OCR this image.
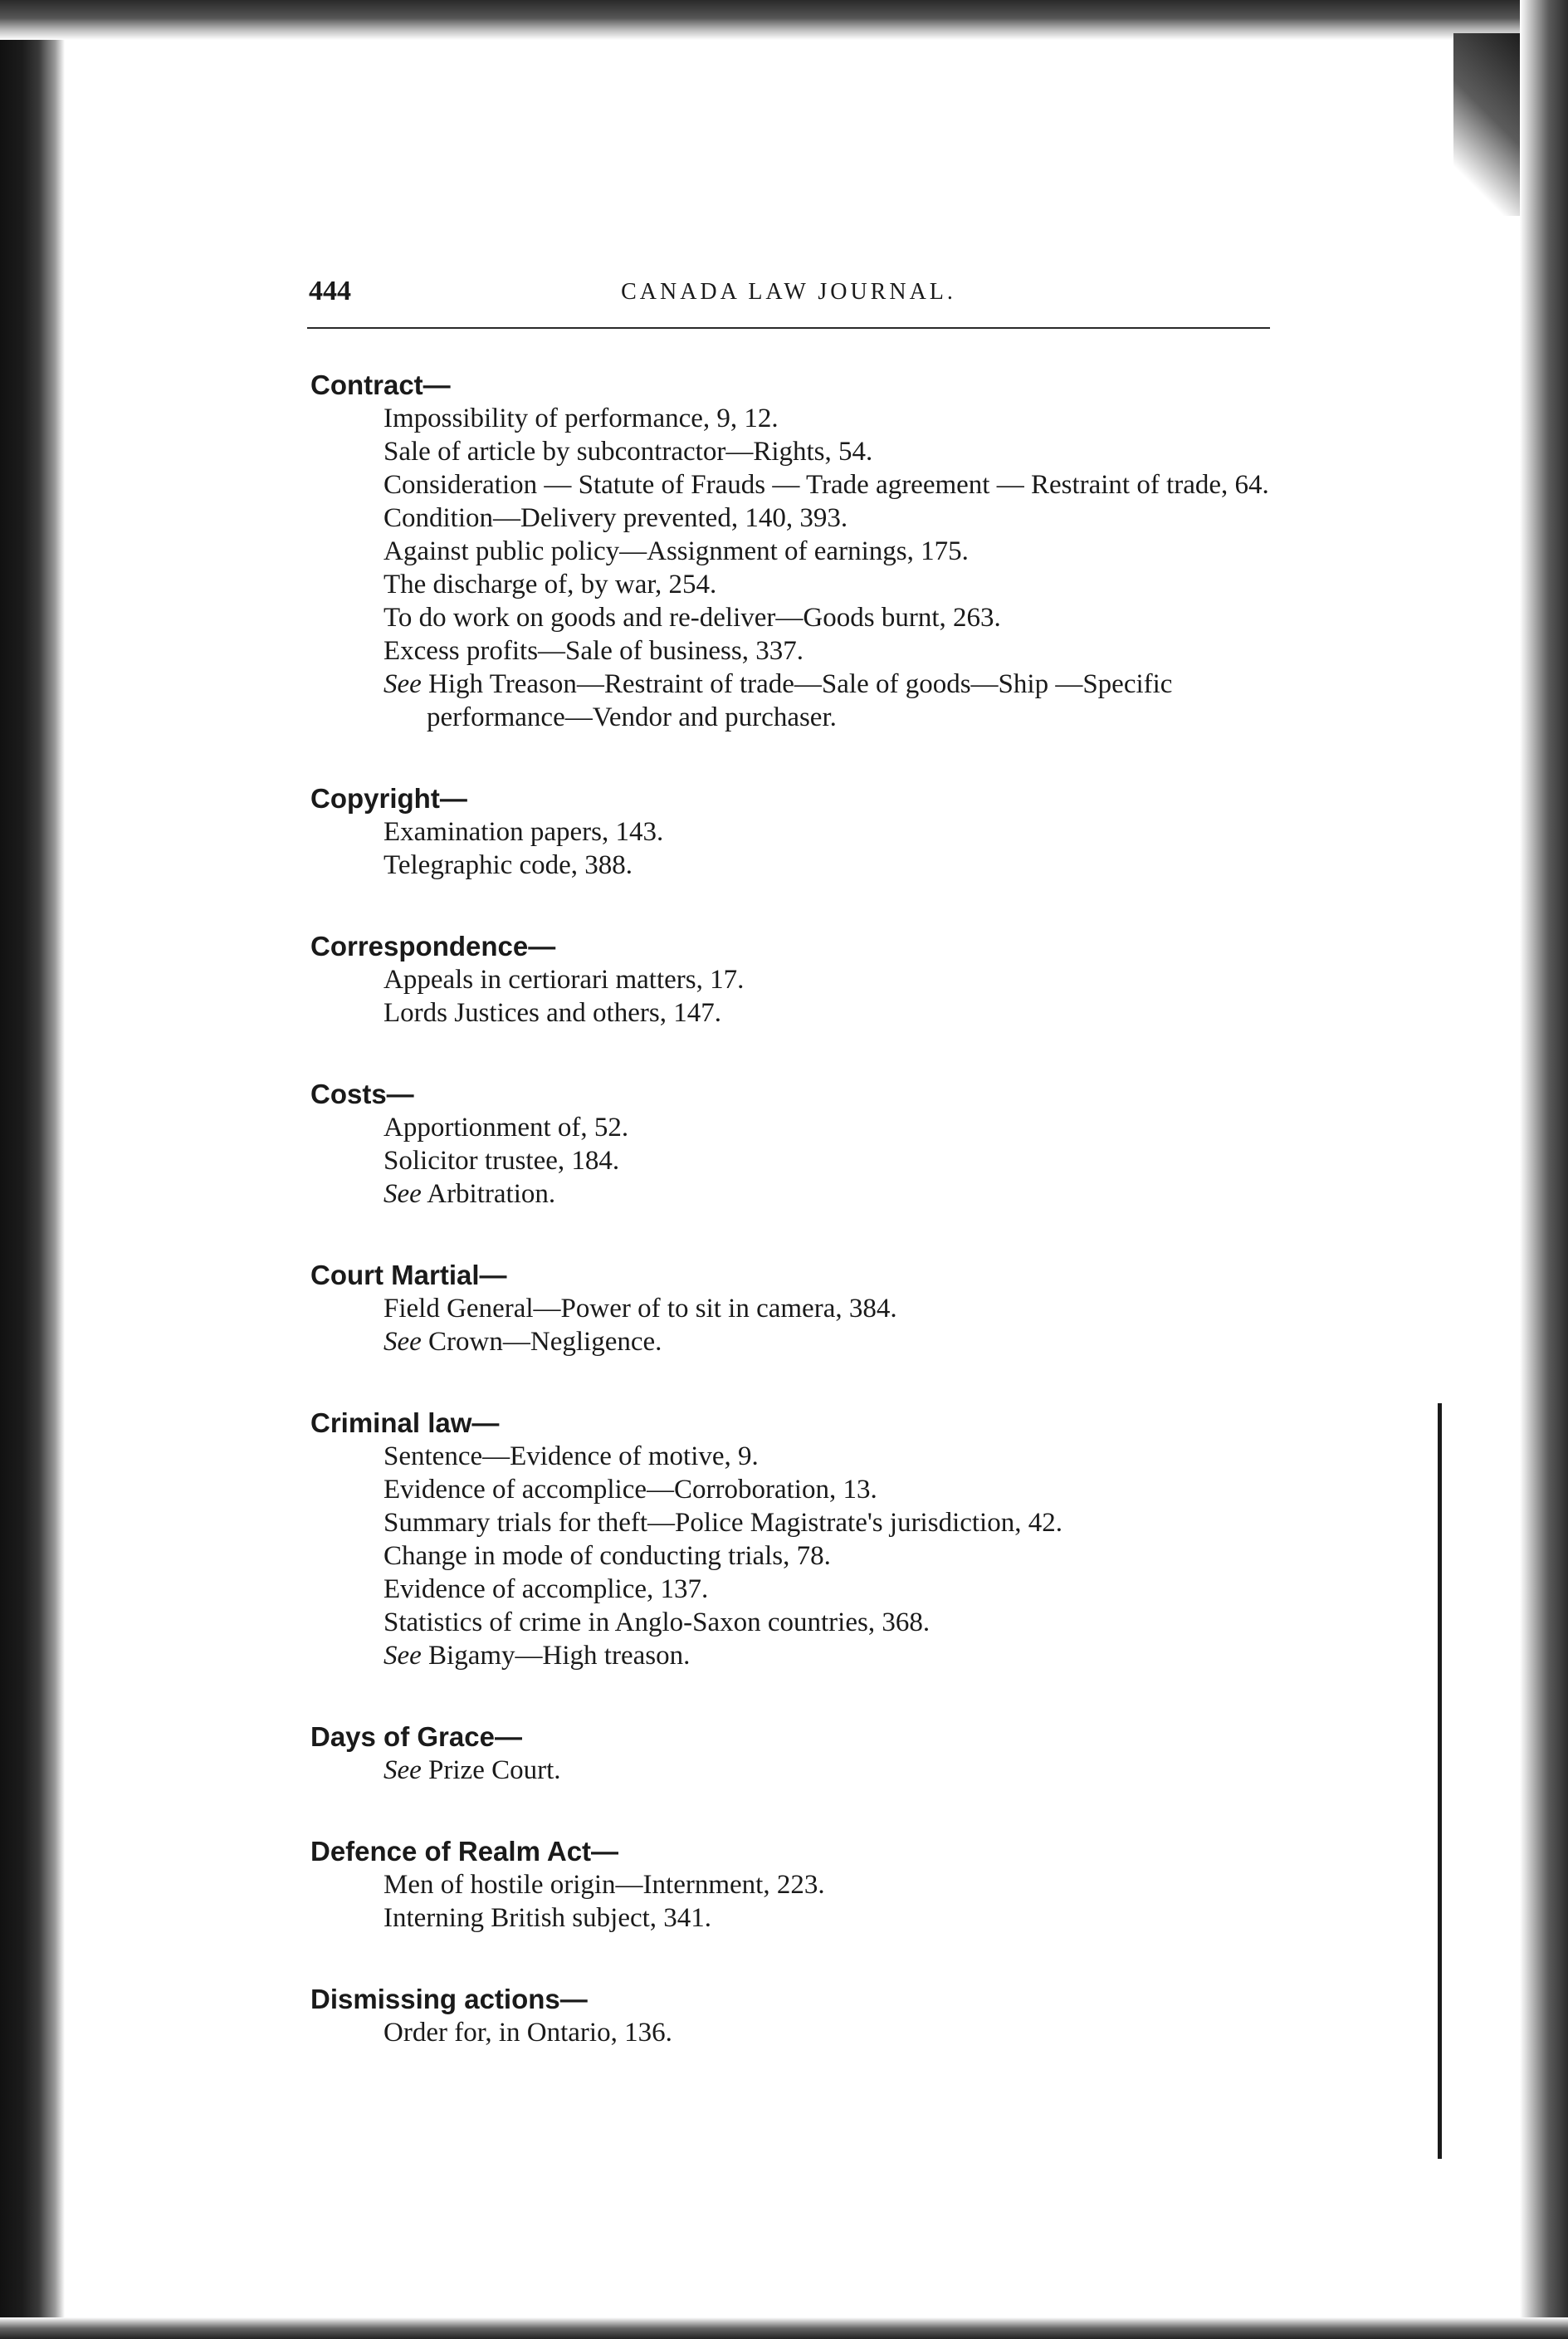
444	CANADA LAW JOURNAL.
Contract—
Impossibility of performance, 9, 12.
Sale of article by subcontractor—Rights, 54.
Consideration — Statute of Frauds — Trade agreement — Restraint of trade, 64.
Condition—Delivery prevented, 140, 393.
Against public policy—Assignment of earnings, 175.
The discharge of, by war, 254.
To do work on goods and re-deliver—Goods burnt, 263.
Excess profits—Sale of business, 337.
See High Treason—Restraint of trade—Sale of goods—Ship —Specific performance—Vendor and purchaser.
Copyright—
Examination papers, 143.
Telegraphic code, 388.
Correspondence—
Appeals in certiorari matters, 17.
Lords Justices and others, 147.
Costs—
Apportionment of, 52.
Solicitor trustee, 184.
See Arbitration.
Court Martial—
Field General—Power of to sit in camera, 384.
See Crown—Negligence.
Criminal law—
Sentence—Evidence of motive, 9.
Evidence of accomplice—Corroboration, 13.
Summary trials for theft—Police Magistrate's jurisdiction, 42.
Change in mode of conducting trials, 78.
Evidence of accomplice, 137.
Statistics of crime in Anglo-Saxon countries, 368.
See Bigamy—High treason.
Days of Grace—
See Prize Court.
Defence of Realm Act—
Men of hostile origin—Internment, 223.
Interning British subject, 341.
Dismissing actions—
Order for, in Ontario, 136.
